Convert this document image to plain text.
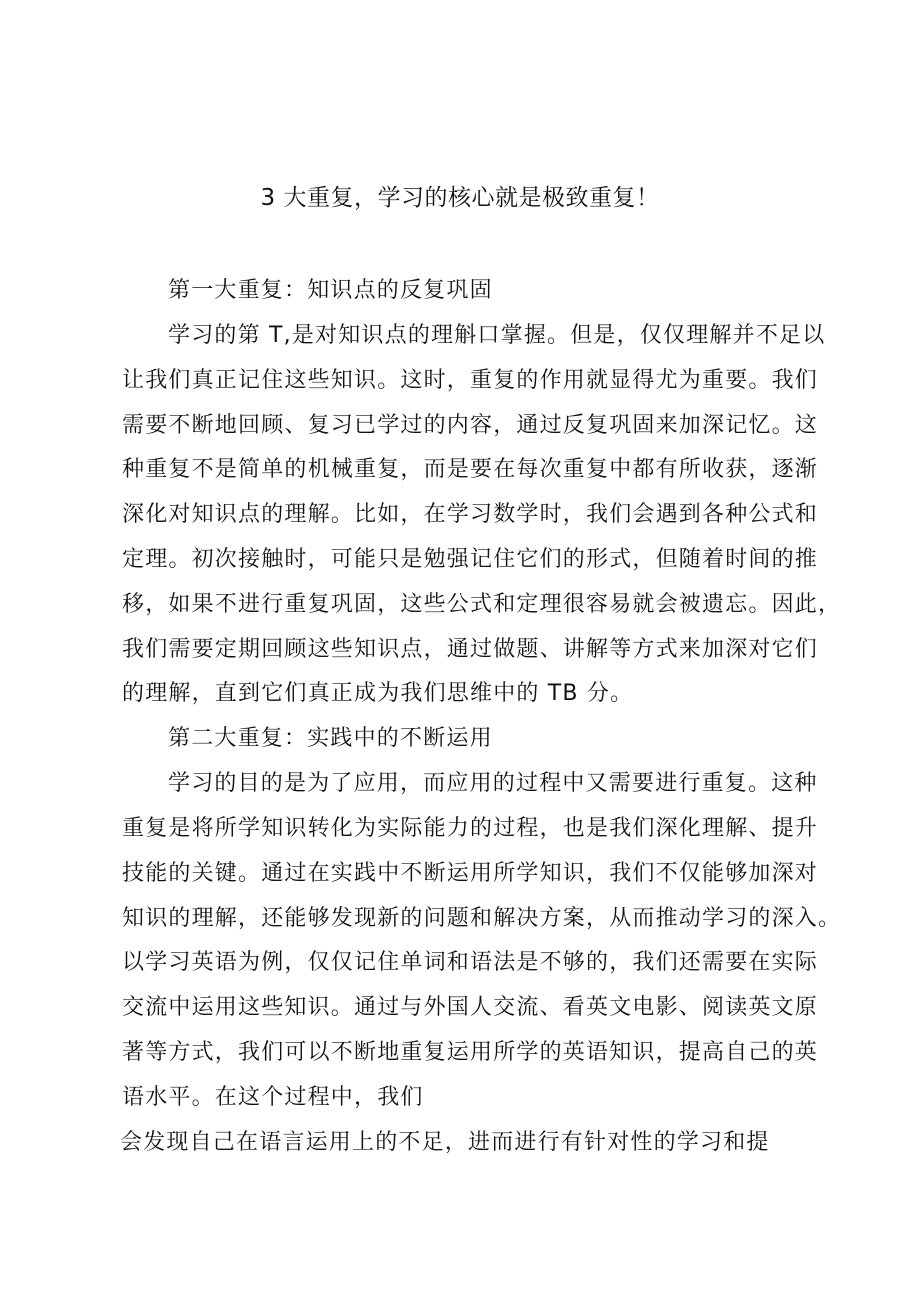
3 大重复，学习的核心就是极致重复！
第一大重复：知识点的反复巩固
学习的第 T,是对知识点的理斛口掌握。但是，仅仅理解并不足以
让我们真正记住这些知识。这时，重复的作用就显得尤为重要。我们
需要不断地回顾、复习已学过的内容，通过反复巩固来加深记忆。这
种重复不是简单的机械重复，而是要在每次重复中都有所收获，逐渐
深化对知识点的理解。比如，在学习数学时，我们会遇到各种公式和
定理。初次接触时，可能只是勉强记住它们的形式，但随着时间的推
移，如果不进行重复巩固，这些公式和定理很容易就会被遗忘。因此，
我们需要定期回顾这些知识点，通过做题、讲解等方式来加深对它们
的理解，直到它们真正成为我们思维中的 TB 分。
第二大重复：实践中的不断运用
学习的目的是为了应用，而应用的过程中又需要进行重复。这种
重复是将所学知识转化为实际能力的过程，也是我们深化理解、提升
技能的关键。通过在实践中不断运用所学知识，我们不仅能够加深对
知识的理解，还能够发现新的问题和解决方案，从而推动学习的深入。
以学习英语为例，仅仅记住单词和语法是不够的，我们还需要在实际
交流中运用这些知识。通过与外国人交流、看英文电影、阅读英文原
著等方式，我们可以不断地重复运用所学的英语知识，提高自己的英
语水平。在这个过程中，我们
会发现自己在语言运用上的不足，进而进行有针对性的学习和提
